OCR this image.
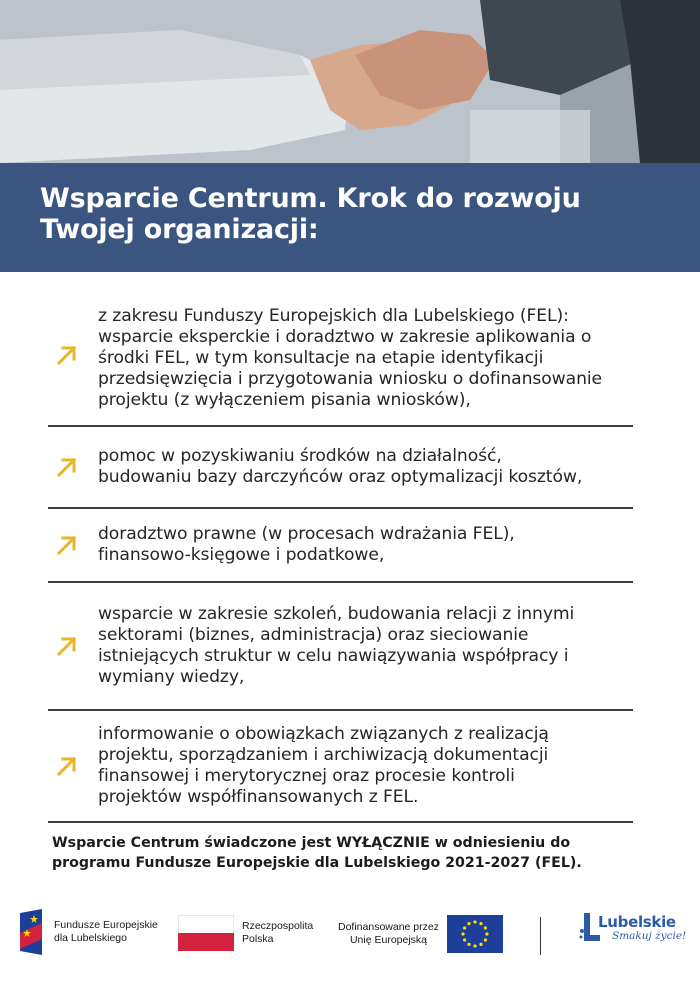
Wsparcie Centrum. Krok do rozwoju
Twojej organizacji:
z zakresu Funduszy Europejskich dla Lubelskiego (FEL):
wsparcie eksperckie i doradztwo w zakresie aplikowania o
środki FEL, w tym konsultacje na etapie identyfikacji
przedsięwzięcia i przygotowania wniosku o dofinansowanie
projektu (z wyłączeniem pisania wniosków),
pomoc w pozyskiwaniu środków na działalność,
budowaniu bazy darczyńców oraz optymalizacji kosztów,
doradztwo prawne (w procesach wdrażania FEL),
finansowo-księgowe i podatkowe,
wsparcie w zakresie szkoleń, budowania relacji z innymi
sektorami (biznes, administracja) oraz sieciowanie
istniejących struktur w celu nawiązywania współpracy i
wymiany wiedzy,
informowanie o obowiązkach związanych z realizacją
projektu, sporządzaniem i archiwizacją dokumentacji
finansowej i merytorycznej oraz procesie kontroli
projektów współfinansowanych z FEL.
Wsparcie Centrum świadczone jest WYŁĄCZNIE w odniesieniu do
programu Fundusze Europejskie dla Lubelskiego 2021-2027 (FEL).
Fundusze Europejskie
dla Lubelskiego
Rzeczpospolita
Polska
Dofinansowane przez
Unię Europejską
Lubelskie
Smakuj życie!
